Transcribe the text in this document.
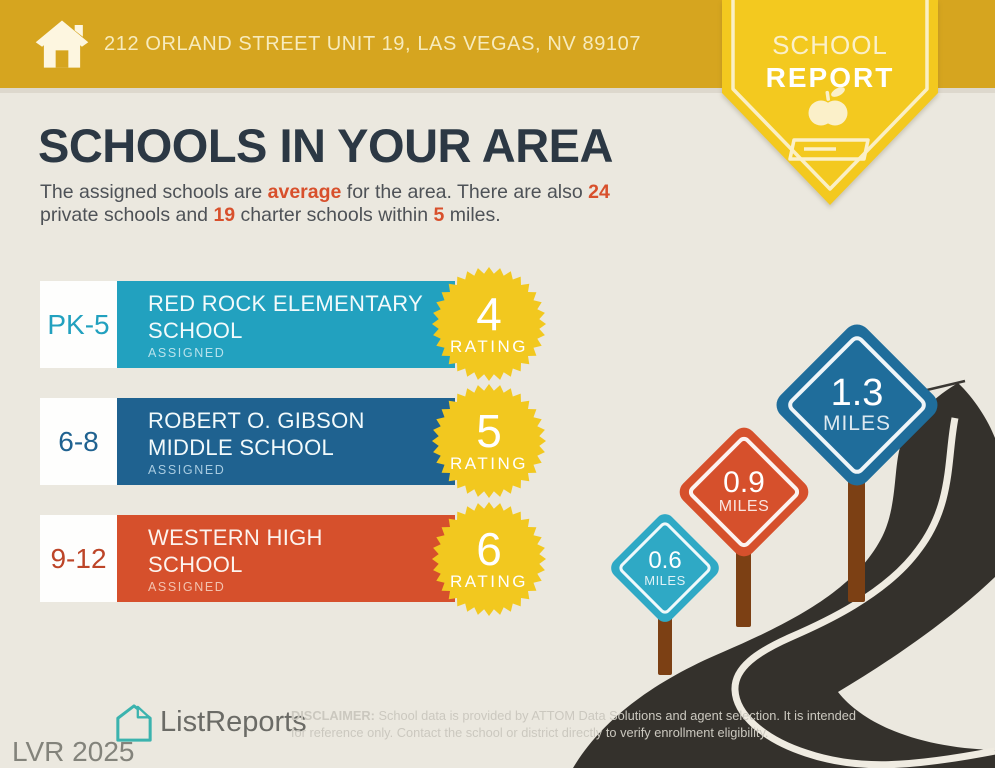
212 ORLAND STREET UNIT 19, LAS VEGAS, NV 89107	SCHOOL
REPORT
SCHOOLS IN YOUR AREA
The assigned schools are average for the area. There are also 24
private schools and 19 charter schools within 5 miles.
PK-5
RED ROCK ELEMENTARY
SCHOOL
ASSIGNED
6-8
ROBERT O. GIBSON
MIDDLE SCHOOL
ASSIGNED
9-12
WESTERN HIGH
SCHOOL
ASSIGNED
4
RATING
5
RATING
6
RATING
0.6
MILES
0.9
MILES
1.3
MILES
ListReports
LVR 2025
DISCLAIMER: School data is provided by ATTOM Data Solutions and agent selection. It is intended
for reference only. Contact the school or district directly to verify enrollment eligibility.
